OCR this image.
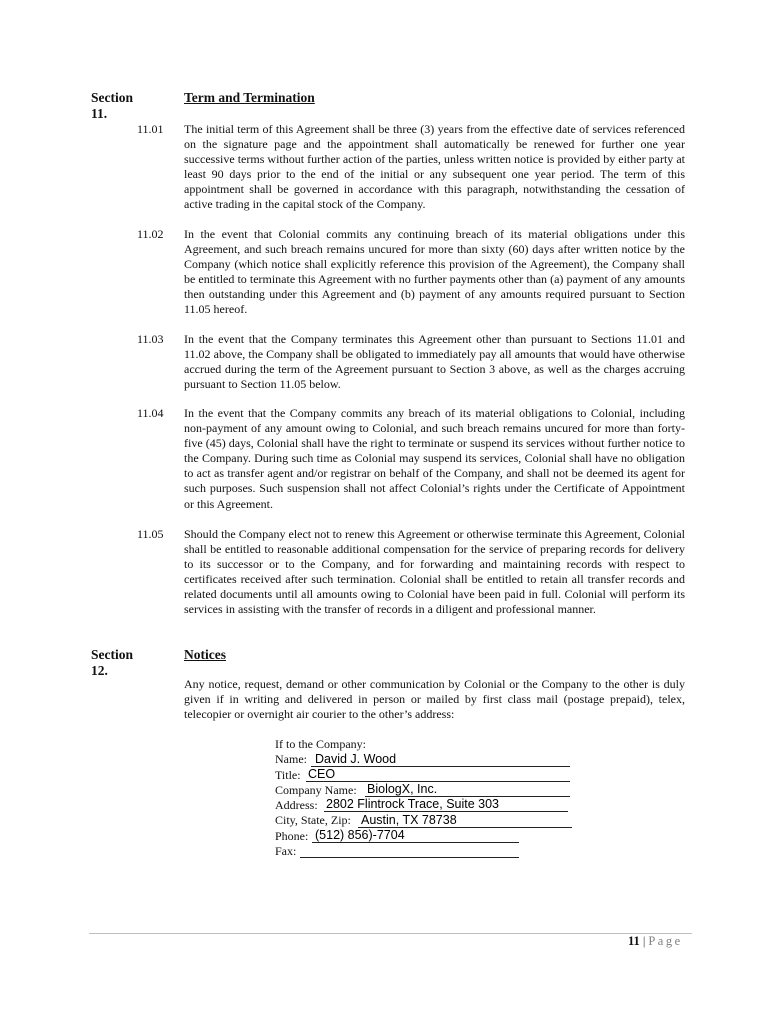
Section 11.
Term and Termination
11.01 The initial term of this Agreement shall be three (3) years from the effective date of services referenced on the signature page and the appointment shall automatically be renewed for further one year successive terms without further action of the parties, unless written notice is provided by either party at least 90 days prior to the end of the initial or any subsequent one year period. The term of this appointment shall be governed in accordance with this paragraph, notwithstanding the cessation of active trading in the capital stock of the Company.
11.02 In the event that Colonial commits any continuing breach of its material obligations under this Agreement, and such breach remains uncured for more than sixty (60) days after written notice by the Company (which notice shall explicitly reference this provision of the Agreement), the Company shall be entitled to terminate this Agreement with no further payments other than (a) payment of any amounts then outstanding under this Agreement and (b) payment of any amounts required pursuant to Section 11.05 hereof.
11.03 In the event that the Company terminates this Agreement other than pursuant to Sections 11.01 and 11.02 above, the Company shall be obligated to immediately pay all amounts that would have otherwise accrued during the term of the Agreement pursuant to Section 3 above, as well as the charges accruing pursuant to Section 11.05 below.
11.04 In the event that the Company commits any breach of its material obligations to Colonial, including non-payment of any amount owing to Colonial, and such breach remains uncured for more than forty-five (45) days, Colonial shall have the right to terminate or suspend its services without further notice to the Company. During such time as Colonial may suspend its services, Colonial shall have no obligation to act as transfer agent and/or registrar on behalf of the Company, and shall not be deemed its agent for such purposes. Such suspension shall not affect Colonial’s rights under the Certificate of Appointment or this Agreement.
11.05 Should the Company elect not to renew this Agreement or otherwise terminate this Agreement, Colonial shall be entitled to reasonable additional compensation for the service of preparing records for delivery to its successor or to the Company, and for forwarding and maintaining records with respect to certificates received after such termination. Colonial shall be entitled to retain all transfer records and related documents until all amounts owing to Colonial have been paid in full. Colonial will perform its services in assisting with the transfer of records in a diligent and professional manner.
Section 12.
Notices
Any notice, request, demand or other communication by Colonial or the Company to the other is duly given if in writing and delivered in person or mailed by first class mail (postage prepaid), telex, telecopier or overnight air courier to the other’s address:
If to the Company:
Name: David J. Wood
Title: CEO
Company Name: BiologX, Inc.
Address: 2802 Flintrock Trace, Suite 303
City, State, Zip: Austin, TX 78738
Phone: (512) 856)-7704
Fax:
11 | Page
